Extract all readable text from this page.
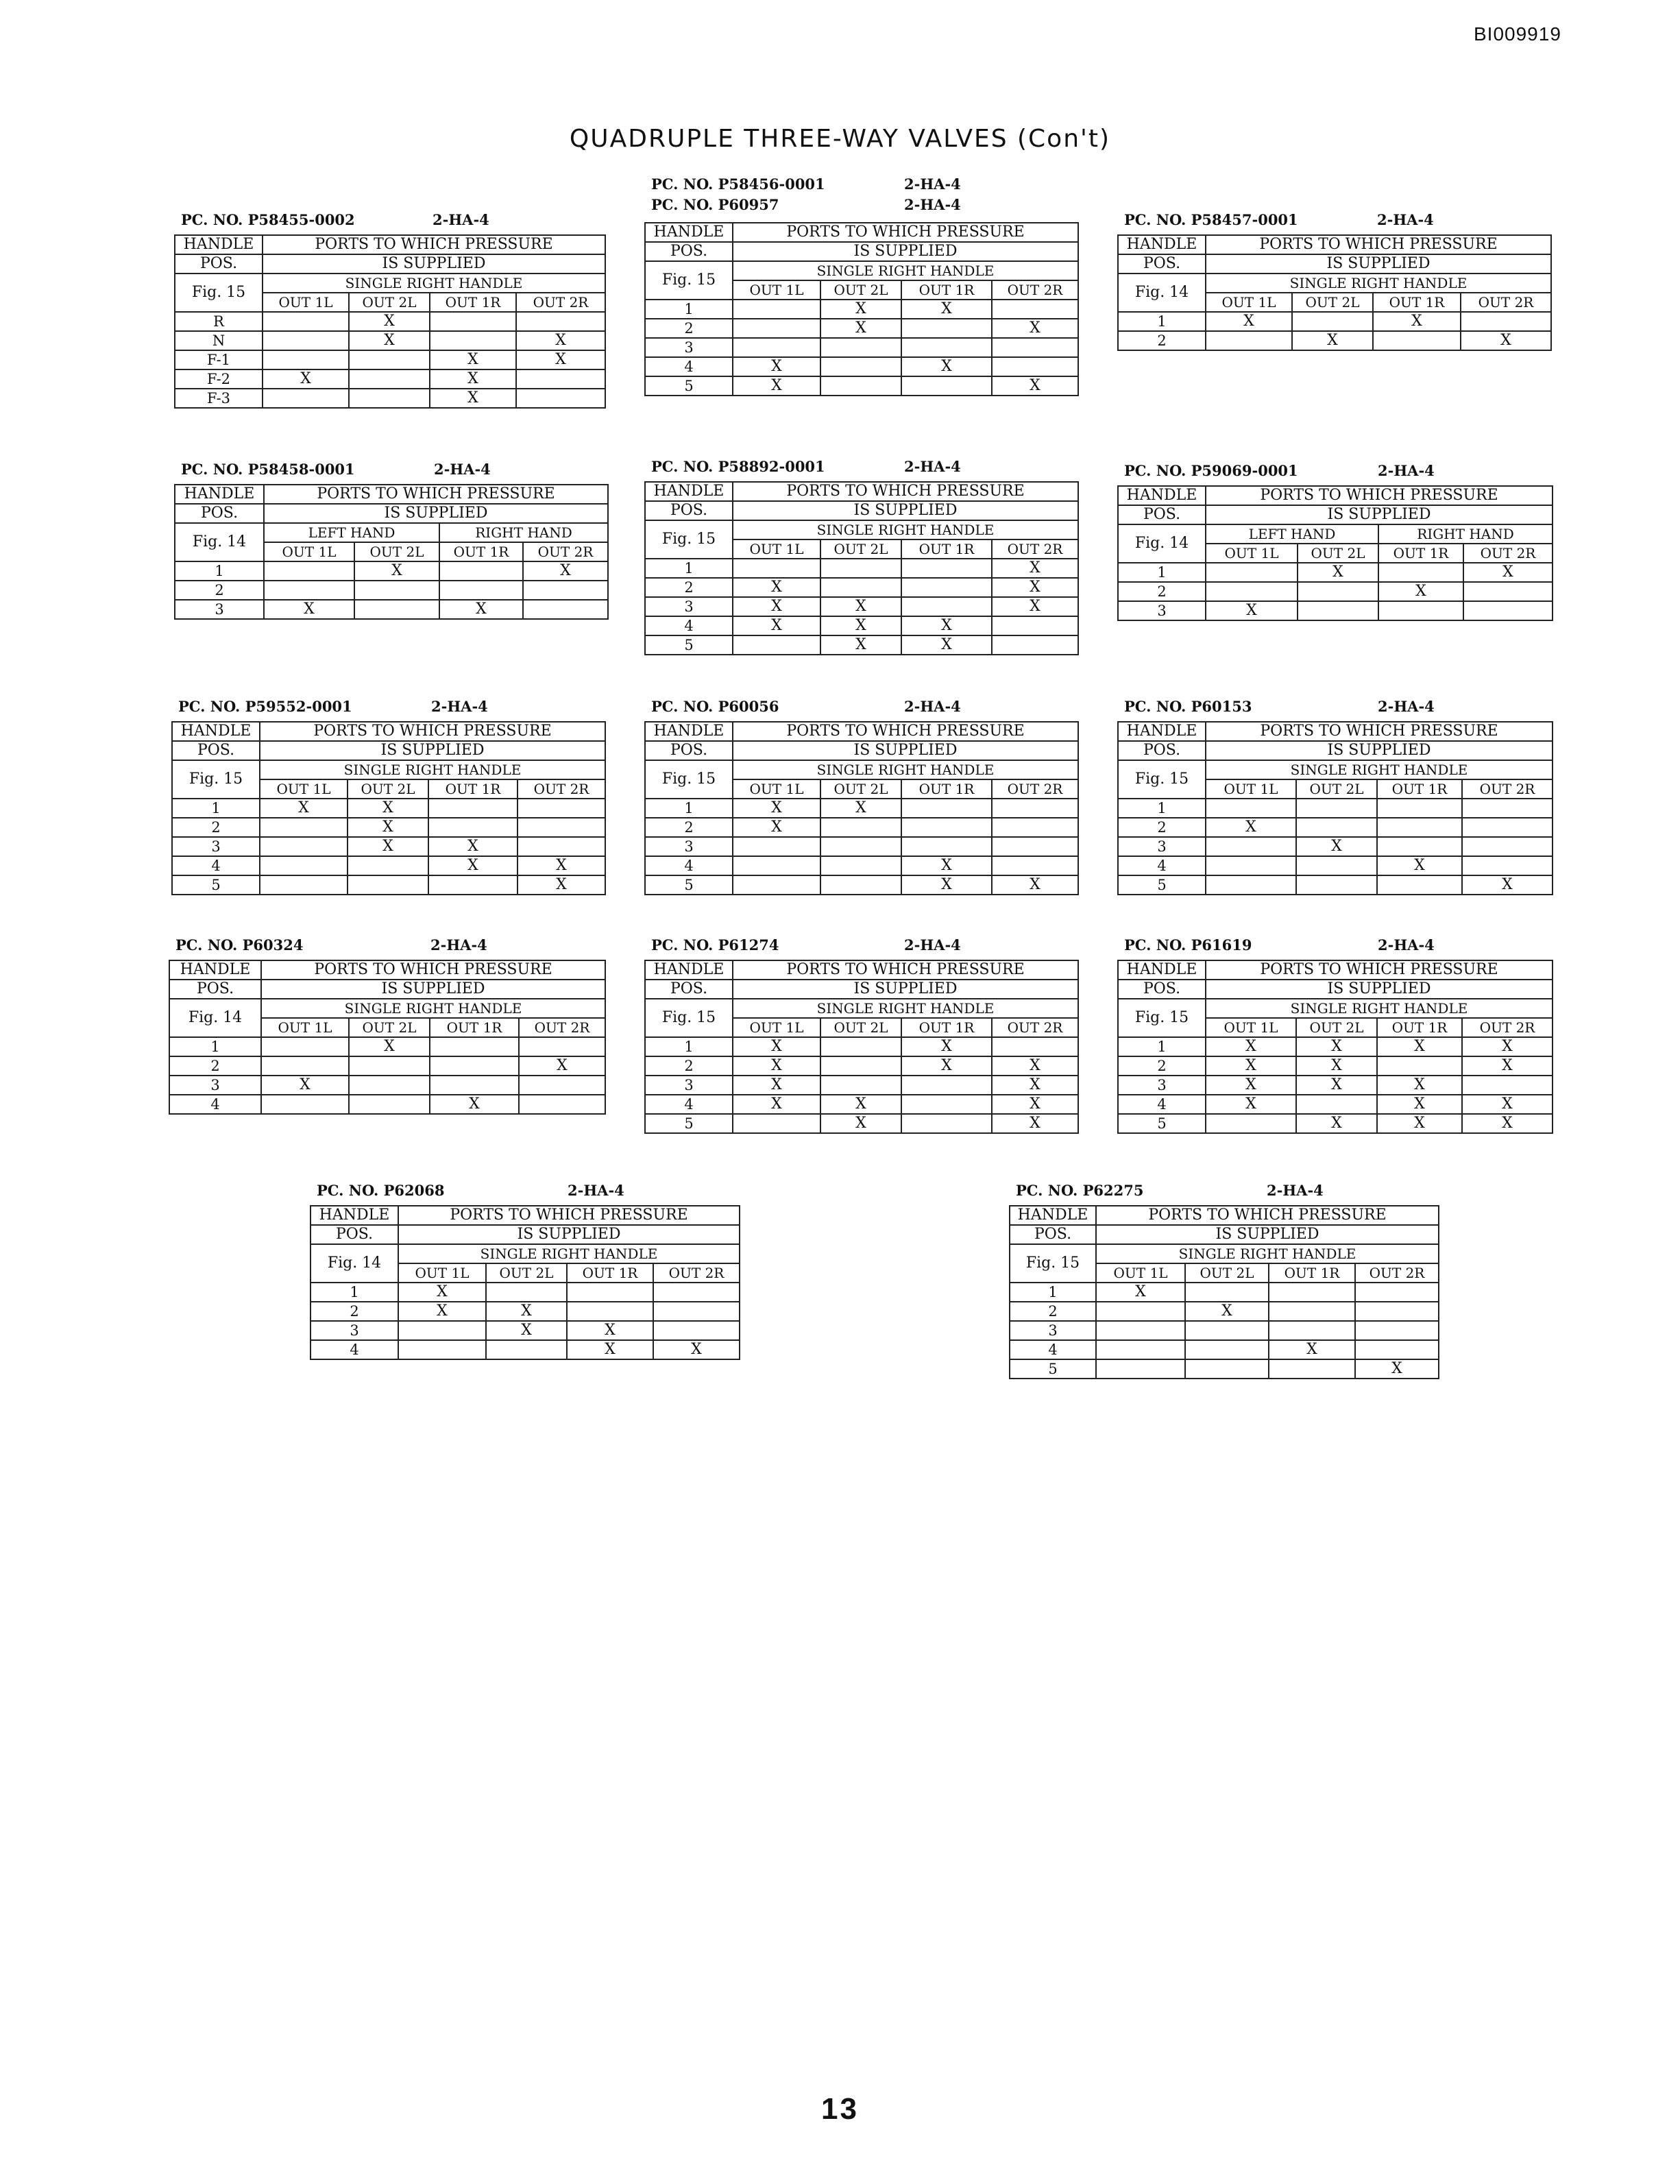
BI009919
QUADRUPLE THREE-WAY VALVES (Con't)
13
PC. NO. P58455-0002	2-HA-4
HANDLE	PORTS TO WHICH PRESSURE			
POS.	IS SUPPLIED			
Fig. 15	SINGLE RIGHT HANDLE			
	OUT 1L	OUT 2L	OUT 1R	OUT 2R
R		X		
N		X		X
F-1			X	X
F-2	X		X	
F-3			X	
PC. NO. P58456-0001	2-HA-4
PC. NO. P60957	2-HA-4
HANDLE	PORTS TO WHICH PRESSURE			
POS.	IS SUPPLIED			
Fig. 15	SINGLE RIGHT HANDLE			
	OUT 1L	OUT 2L	OUT 1R	OUT 2R
1		X	X	
2		X		X
3				
4	X		X	
5	X			X
PC. NO. P58457-0001	2-HA-4
HANDLE	PORTS TO WHICH PRESSURE			
POS.	IS SUPPLIED			
Fig. 14	SINGLE RIGHT HANDLE			
	OUT 1L	OUT 2L	OUT 1R	OUT 2R
1	X		X	
2		X		X
PC. NO. P58458-0001	2-HA-4
HANDLE	PORTS TO WHICH PRESSURE			
POS.	IS SUPPLIED			
Fig. 14	LEFT HAND		RIGHT HAND	
	OUT 1L	OUT 2L	OUT 1R	OUT 2R
1		X		X
2				
3	X		X	
PC. NO. P58892-0001	2-HA-4
HANDLE	PORTS TO WHICH PRESSURE			
POS.	IS SUPPLIED			
Fig. 15	SINGLE RIGHT HANDLE			
	OUT 1L	OUT 2L	OUT 1R	OUT 2R
1				X
2	X			X
3	X	X		X
4	X	X	X	
5		X	X	
PC. NO. P59069-0001	2-HA-4
HANDLE	PORTS TO WHICH PRESSURE			
POS.	IS SUPPLIED			
Fig. 14	LEFT HAND		RIGHT HAND	
	OUT 1L	OUT 2L	OUT 1R	OUT 2R
1		X		X
2			X	
3	X			
PC. NO. P59552-0001	2-HA-4
HANDLE	PORTS TO WHICH PRESSURE			
POS.	IS SUPPLIED			
Fig. 15	SINGLE RIGHT HANDLE			
	OUT 1L	OUT 2L	OUT 1R	OUT 2R
1	X	X		
2		X		
3		X	X	
4			X	X
5				X
PC. NO. P60056	2-HA-4
HANDLE	PORTS TO WHICH PRESSURE			
POS.	IS SUPPLIED			
Fig. 15	SINGLE RIGHT HANDLE			
	OUT 1L	OUT 2L	OUT 1R	OUT 2R
1	X	X		
2	X			
3				
4			X	
5			X	X
PC. NO. P60153	2-HA-4
HANDLE	PORTS TO WHICH PRESSURE			
POS.	IS SUPPLIED			
Fig. 15	SINGLE RIGHT HANDLE			
	OUT 1L	OUT 2L	OUT 1R	OUT 2R
1				
2	X			
3		X		
4			X	
5				X
PC. NO. P60324	2-HA-4
HANDLE	PORTS TO WHICH PRESSURE			
POS.	IS SUPPLIED			
Fig. 14	SINGLE RIGHT HANDLE			
	OUT 1L	OUT 2L	OUT 1R	OUT 2R
1		X		
2				X
3	X			
4			X	
PC. NO. P61274	2-HA-4
HANDLE	PORTS TO WHICH PRESSURE			
POS.	IS SUPPLIED			
Fig. 15	SINGLE RIGHT HANDLE			
	OUT 1L	OUT 2L	OUT 1R	OUT 2R
1	X		X	
2	X		X	X
3	X			X
4	X	X		X
5		X		X
PC. NO. P61619	2-HA-4
HANDLE	PORTS TO WHICH PRESSURE			
POS.	IS SUPPLIED			
Fig. 15	SINGLE RIGHT HANDLE			
	OUT 1L	OUT 2L	OUT 1R	OUT 2R
1	X	X	X	X
2	X	X		X
3	X	X	X	
4	X		X	X
5		X	X	X
PC. NO. P62068	2-HA-4
HANDLE	PORTS TO WHICH PRESSURE			
POS.	IS SUPPLIED			
Fig. 14	SINGLE RIGHT HANDLE			
	OUT 1L	OUT 2L	OUT 1R	OUT 2R
1	X			
2	X	X		
3		X	X	
4			X	X
PC. NO. P62275	2-HA-4
HANDLE	PORTS TO WHICH PRESSURE			
POS.	IS SUPPLIED			
Fig. 15	SINGLE RIGHT HANDLE			
	OUT 1L	OUT 2L	OUT 1R	OUT 2R
1	X			
2		X		
3				
4			X	
5				X
